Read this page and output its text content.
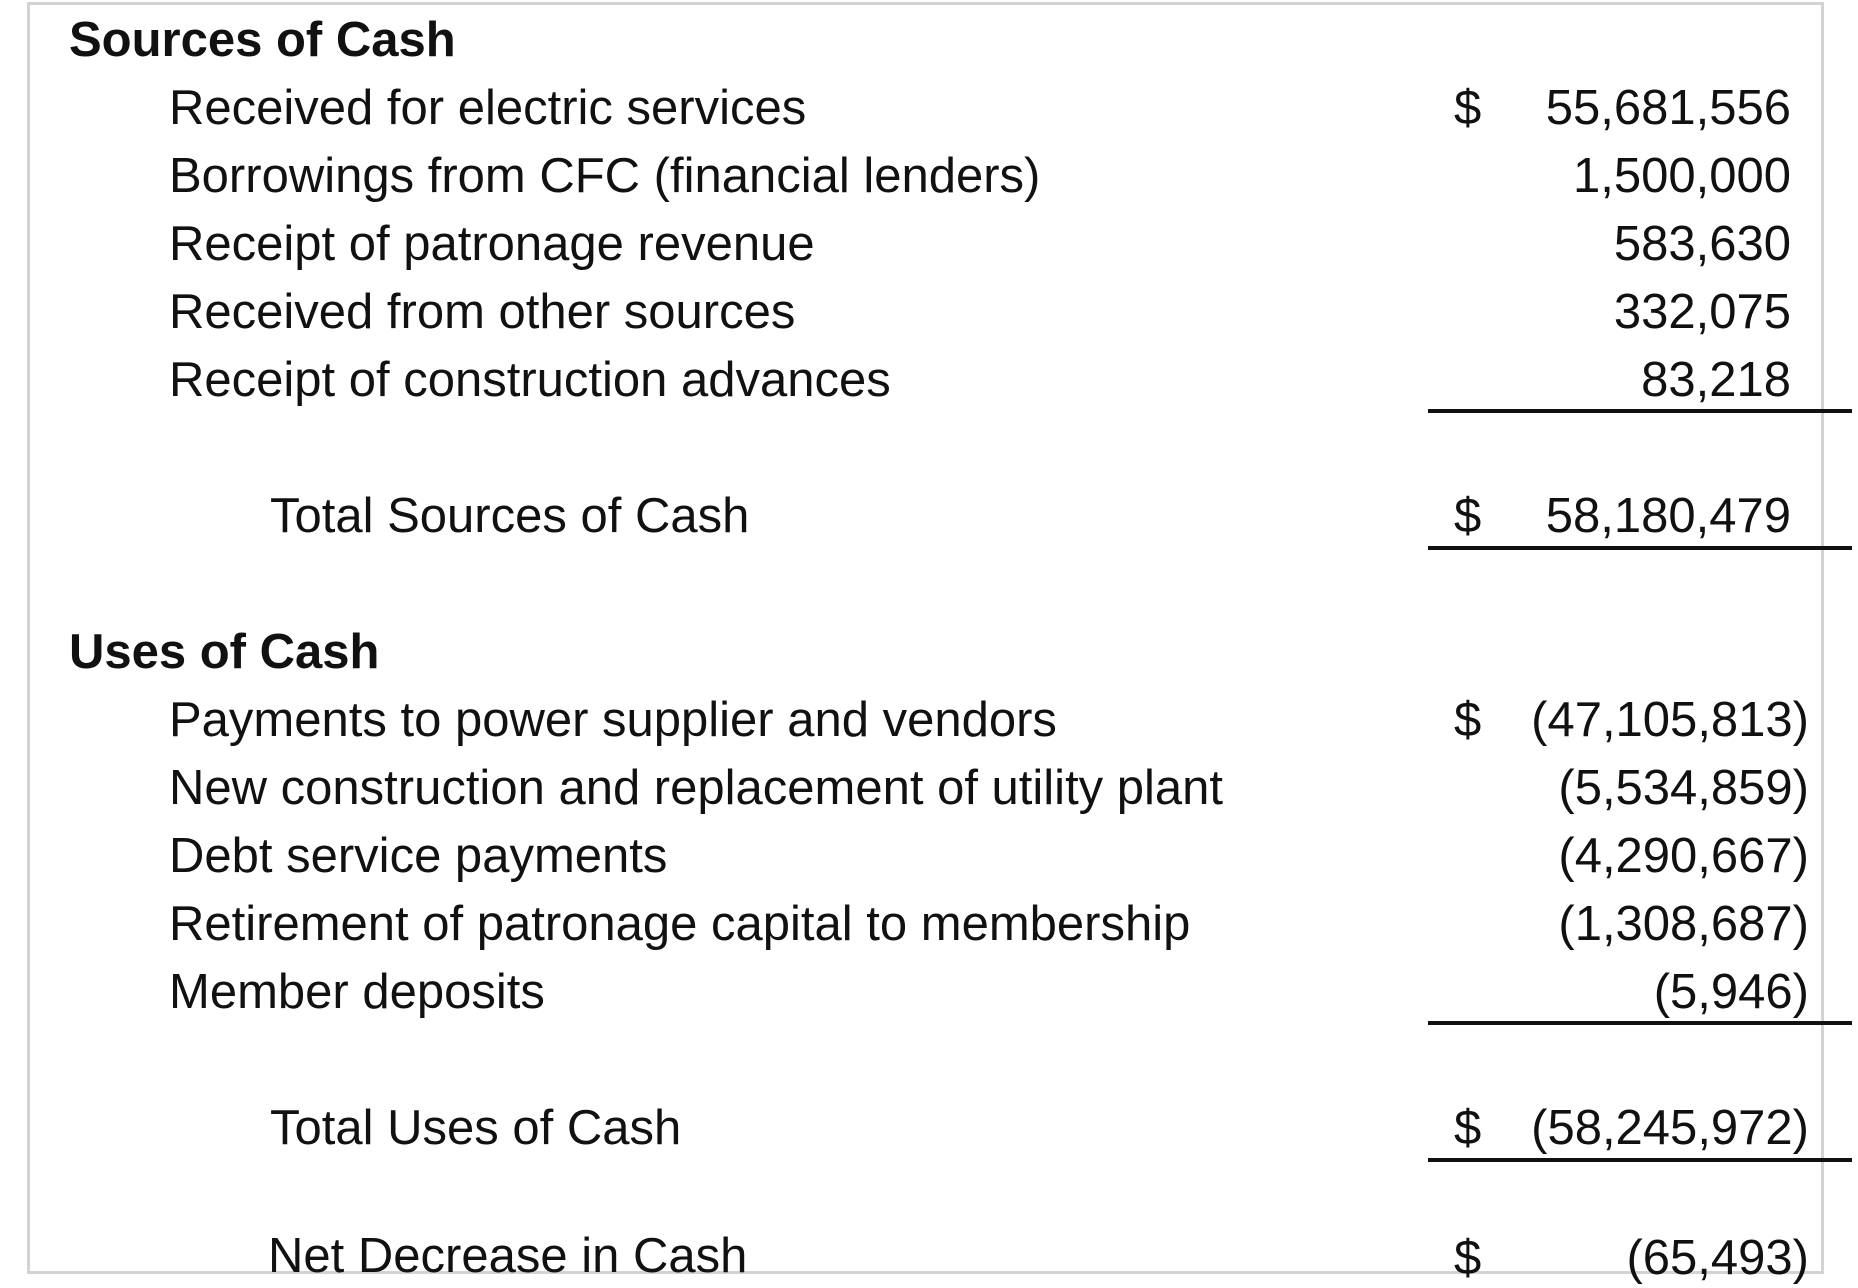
Sources of Cash
Received for electric services	$ 55,681,556
Borrowings from CFC (financial lenders)	1,500,000
Receipt of patronage revenue	583,630
Received from other sources	332,075
Receipt of construction advances	83,218
Total Sources of Cash	$ 58,180,479
Uses of Cash
Payments to power supplier and vendors	$ (47,105,813)
New construction and replacement of utility plant	(5,534,859)
Debt service payments	(4,290,667)
Retirement of patronage capital to membership	(1,308,687)
Member deposits	(5,946)
Total Uses of Cash	$ (58,245,972)
Net Decrease in Cash	$	(65,493)
